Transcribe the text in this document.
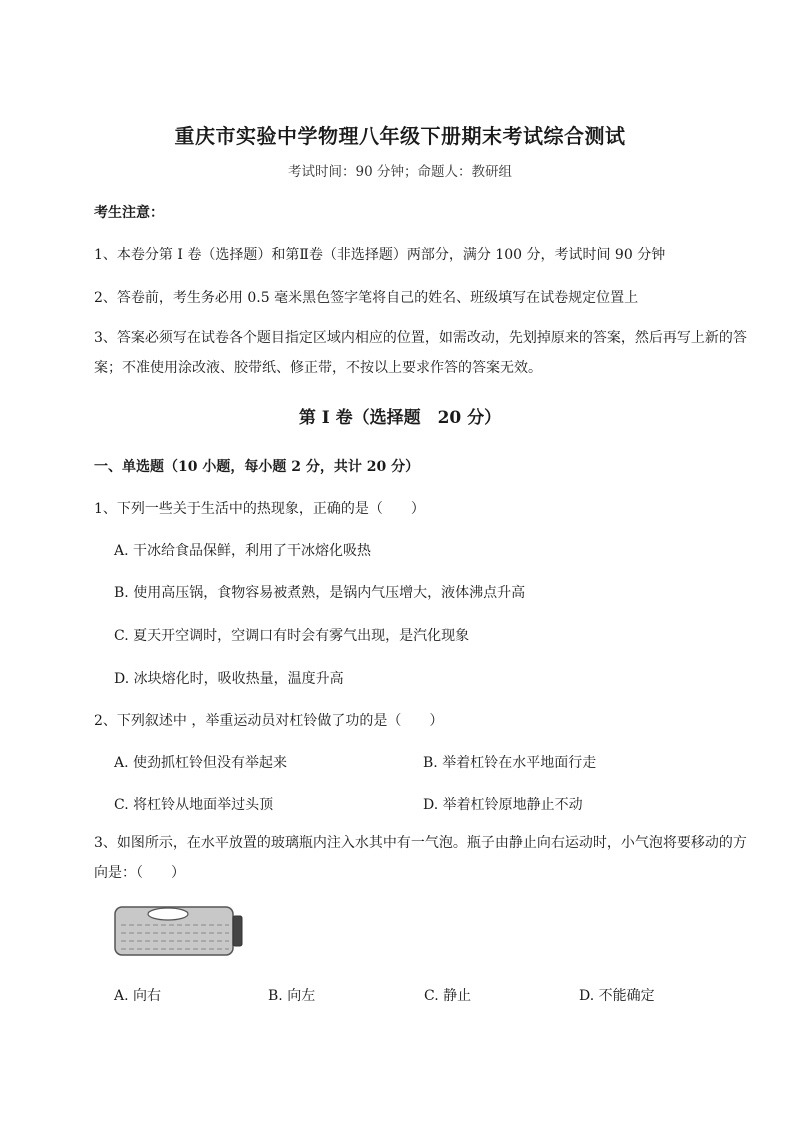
重庆市实验中学物理八年级下册期末考试综合测试
考试时间：90 分钟；命题人：教研组
考生注意：
1、本卷分第 I 卷（选择题）和第Ⅱ卷（非选择题）两部分，满分 100 分，考试时间 90 分钟
2、答卷前，考生务必用 0.5 毫米黑色签字笔将自己的姓名、班级填写在试卷规定位置上
3、答案必须写在试卷各个题目指定区域内相应的位置，如需改动，先划掉原来的答案，然后再写上新的答案；不准使用涂改液、胶带纸、修正带，不按以上要求作答的答案无效。
第 I 卷（选择题　20 分）
一、单选题（10 小题，每小题 2 分，共计 20 分）
1、下列一些关于生活中的热现象，正确的是（　　）
A. 干冰给食品保鲜，利用了干冰熔化吸热
B. 使用高压锅，食物容易被煮熟，是锅内气压增大，液体沸点升高
C. 夏天开空调时，空调口有时会有雾气出现，是汽化现象
D. 冰块熔化时，吸收热量，温度升高
2、下列叙述中 ，举重运动员对杠铃做了功的是（　　）
A. 使劲抓杠铃但没有举起来	B. 举着杠铃在水平地面行走
C. 将杠铃从地面举过头顶	D. 举着杠铃原地静止不动
3、如图所示，在水平放置的玻璃瓶内注入水其中有一气泡。瓶子由静止向右运动时，小气泡将要移动的方向是：（　　）
A. 向右	B. 向左	C. 静止	D. 不能确定
